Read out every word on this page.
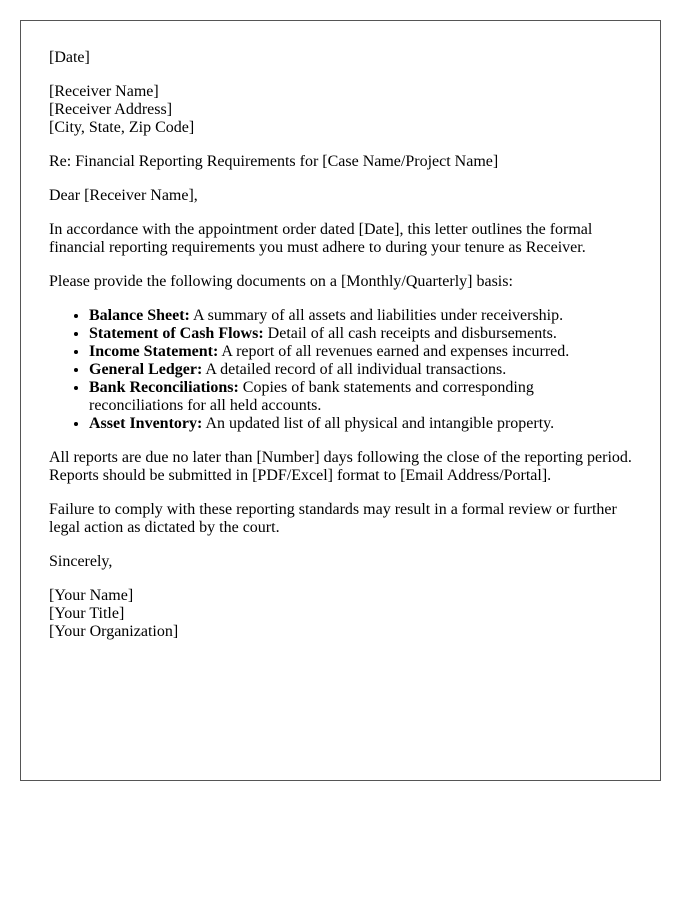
[Date]

[Receiver Name]
[Receiver Address]
[City, State, Zip Code]

Re: Financial Reporting Requirements for [Case Name/Project Name]

Dear [Receiver Name],

In accordance with the appointment order dated [Date], this letter outlines the formal financial reporting requirements you must adhere to during your tenure as Receiver.

Please provide the following documents on a [Monthly/Quarterly] basis:

• Balance Sheet: A summary of all assets and liabilities under receivership.
• Statement of Cash Flows: Detail of all cash receipts and disbursements.
• Income Statement: A report of all revenues earned and expenses incurred.
• General Ledger: A detailed record of all individual transactions.
• Bank Reconciliations: Copies of bank statements and corresponding reconciliations for all held accounts.
• Asset Inventory: An updated list of all physical and intangible property.

All reports are due no later than [Number] days following the close of the reporting period. Reports should be submitted in [PDF/Excel] format to [Email Address/Portal].

Failure to comply with these reporting standards may result in a formal review or further legal action as dictated by the court.

Sincerely,

[Your Name]
[Your Title]
[Your Organization]
